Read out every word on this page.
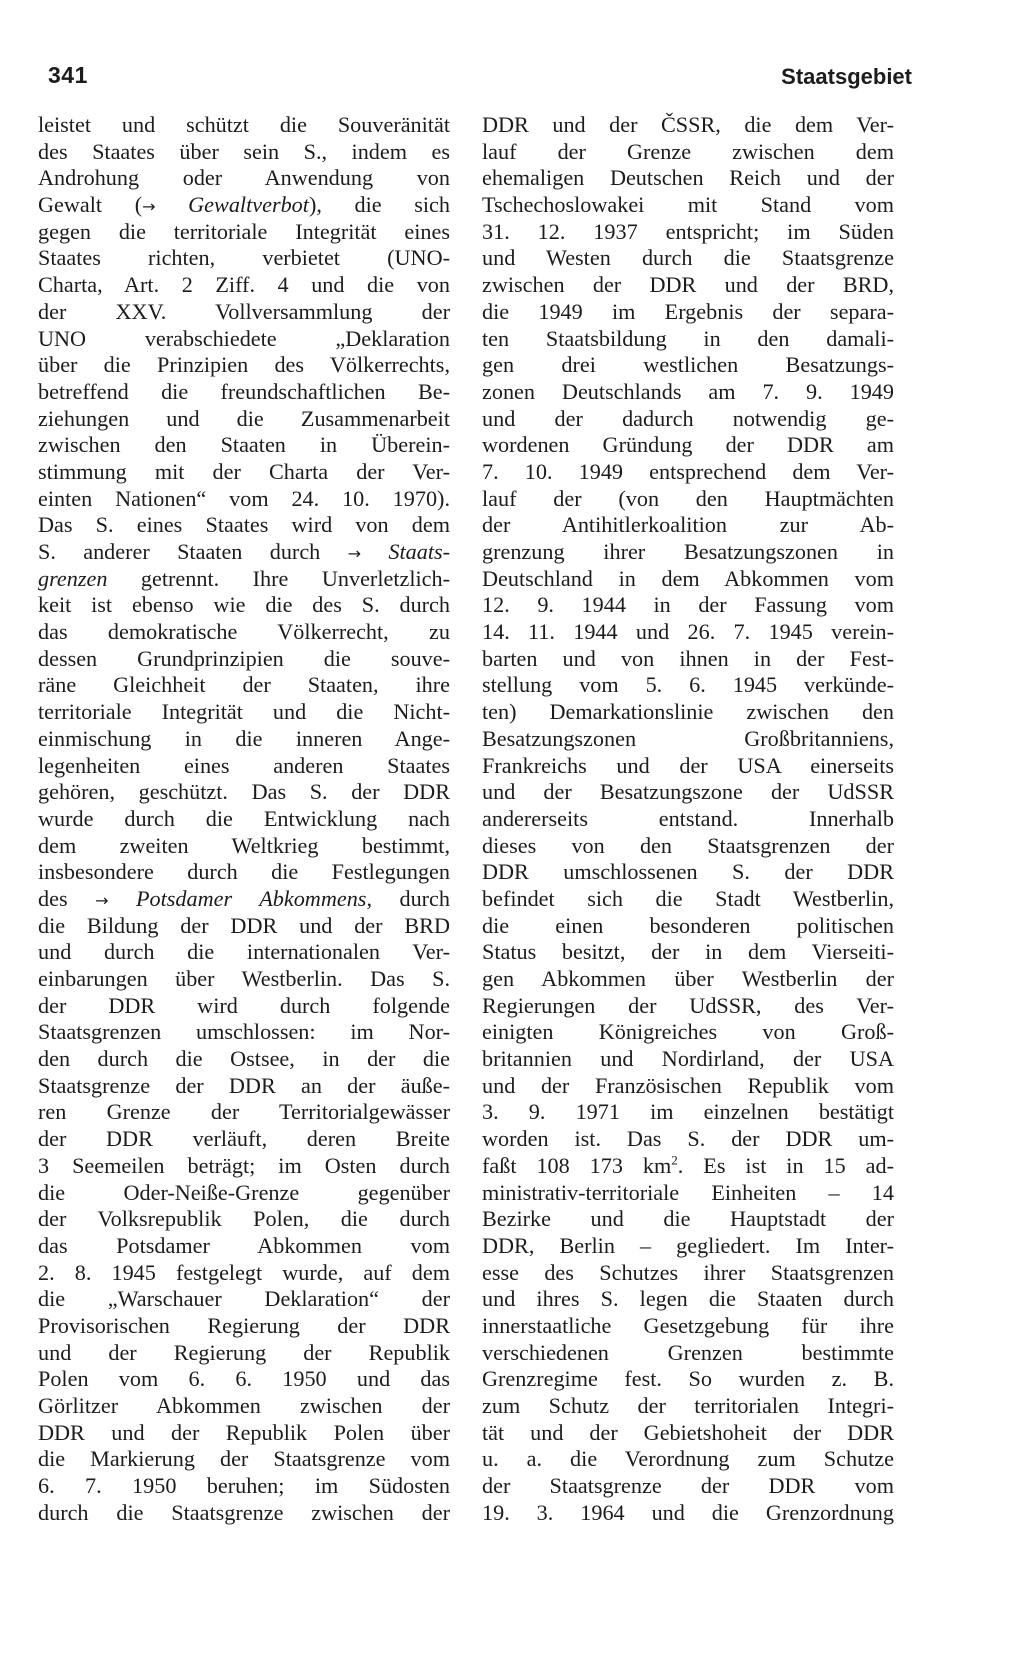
341	Staatsgebiet
leistet und schützt die Souveränität
des Staates über sein S., indem es
Androhung oder Anwendung von
Gewalt (→ Gewaltverbot), die sich
gegen die territoriale Integrität eines
Staates richten, verbietet (UNO-
Charta, Art. 2 Ziff. 4 und die von
der XXV. Vollversammlung der
UNO verabschiedete „Deklaration
über die Prinzipien des Völkerrechts,
betreffend die freundschaftlichen Be-
ziehungen und die Zusammenarbeit
zwischen den Staaten in Überein-
stimmung mit der Charta der Ver-
einten Nationen“ vom 24. 10. 1970).
Das S. eines Staates wird von dem
S. anderer Staaten durch → Staats-
grenzen getrennt. Ihre Unverletzlich-
keit ist ebenso wie die des S. durch
das demokratische Völkerrecht, zu
dessen Grundprinzipien die souve-
räne Gleichheit der Staaten, ihre
territoriale Integrität und die Nicht-
einmischung in die inneren Ange-
legenheiten eines anderen Staates
gehören, geschützt. Das S. der DDR
wurde durch die Entwicklung nach
dem zweiten Weltkrieg bestimmt,
insbesondere durch die Festlegungen
des → Potsdamer Abkommens, durch
die Bildung der DDR und der BRD
und durch die internationalen Ver-
einbarungen über Westberlin. Das S.
der DDR wird durch folgende
Staatsgrenzen umschlossen: im Nor-
den durch die Ostsee, in der die
Staatsgrenze der DDR an der äuße-
ren Grenze der Territorialgewässer
der DDR verläuft, deren Breite
3 Seemeilen beträgt; im Osten durch
die Oder-Neiße-Grenze gegenüber
der Volksrepublik Polen, die durch
das Potsdamer Abkommen vom
2. 8. 1945 festgelegt wurde, auf dem
die „Warschauer Deklaration“ der
Provisorischen Regierung der DDR
und der Regierung der Republik
Polen vom 6. 6. 1950 und das
Görlitzer Abkommen zwischen der
DDR und der Republik Polen über
die Markierung der Staatsgrenze vom
6. 7. 1950 beruhen; im Südosten
durch die Staatsgrenze zwischen der
DDR und der ČSSR, die dem Ver-
lauf der Grenze zwischen dem
ehemaligen Deutschen Reich und der
Tschechoslowakei mit Stand vom
31. 12. 1937 entspricht; im Süden
und Westen durch die Staatsgrenze
zwischen der DDR und der BRD,
die 1949 im Ergebnis der separa-
ten Staatsbildung in den damali-
gen drei westlichen Besatzungs-
zonen Deutschlands am 7. 9. 1949
und der dadurch notwendig ge-
wordenen Gründung der DDR am
7. 10. 1949 entsprechend dem Ver-
lauf der (von den Hauptmächten
der Antihitlerkoalition zur Ab-
grenzung ihrer Besatzungszonen in
Deutschland in dem Abkommen vom
12. 9. 1944 in der Fassung vom
14. 11. 1944 und 26. 7. 1945 verein-
barten und von ihnen in der Fest-
stellung vom 5. 6. 1945 verkünde-
ten) Demarkationslinie zwischen den
Besatzungszonen Großbritanniens,
Frankreichs und der USA einerseits
und der Besatzungszone der UdSSR
andererseits entstand. Innerhalb
dieses von den Staatsgrenzen der
DDR umschlossenen S. der DDR
befindet sich die Stadt Westberlin,
die einen besonderen politischen
Status besitzt, der in dem Vierseiti-
gen Abkommen über Westberlin der
Regierungen der UdSSR, des Ver-
einigten Königreiches von Groß-
britannien und Nordirland, der USA
und der Französischen Republik vom
3. 9. 1971 im einzelnen bestätigt
worden ist. Das S. der DDR um-
faßt 108 173 $km^2$. Es ist in 15 ad-
ministrativ-territoriale Einheiten – 14
Bezirke und die Hauptstadt der
DDR, Berlin – gegliedert. Im Inter-
esse des Schutzes ihrer Staatsgrenzen
und ihres S. legen die Staaten durch
innerstaatliche Gesetzgebung für ihre
verschiedenen Grenzen bestimmte
Grenzregime fest. So wurden z. B.
zum Schutz der territorialen Integri-
tät und der Gebietshoheit der DDR
u. a. die Verordnung zum Schutze
der Staatsgrenze der DDR vom
19. 3. 1964 und die Grenzordnung
